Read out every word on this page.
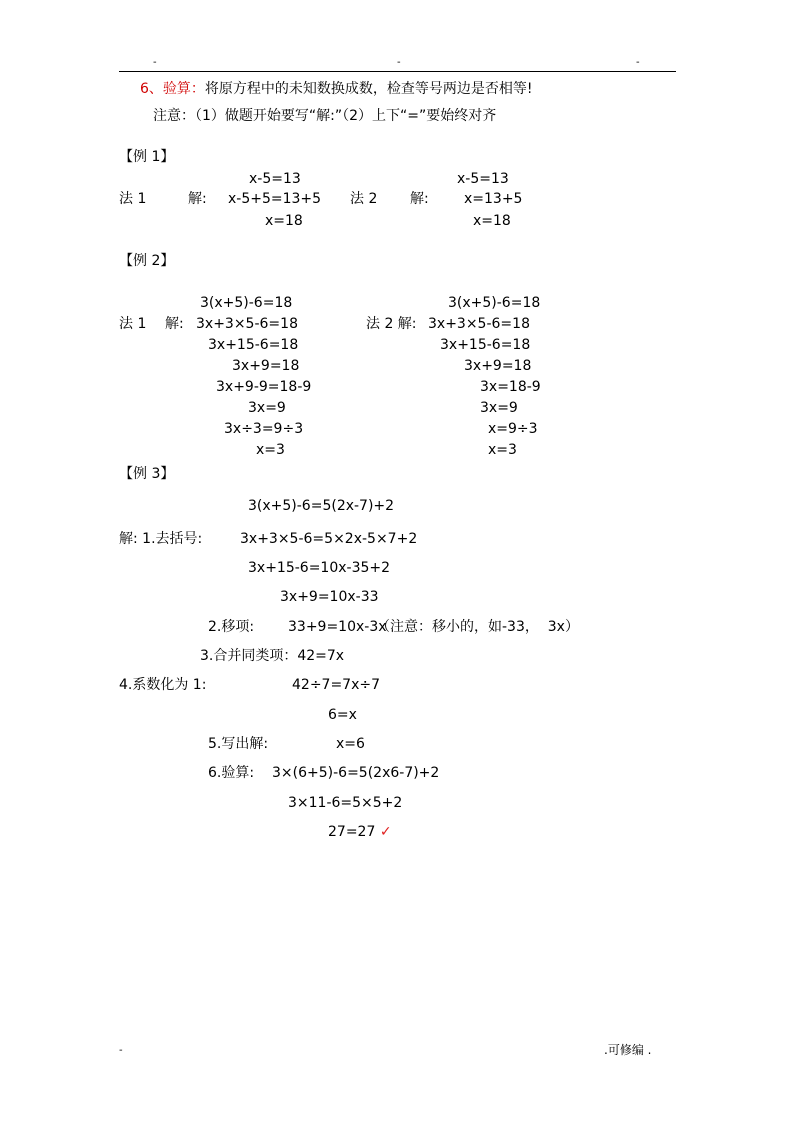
-	-	-
6、验算：将原方程中的未知数换成数，检查等号两边是否相等!
注意：（1）做题开始要写“解:”（2）上下“=”要始终对齐
【例 1】
x-5=13
法 1	解: x-5+5=13+5
x=18
x-5=13
法 2 解:	x=13+5
x=18
【例 2】
3(x+5)-6=18
法 1 解: 3x+3×5-6=18
3x+15-6=18
3x+9=18
3x+9-9=18-9
3x=9
3x÷3=9÷3
x=3
3(x+5)-6=18
法 2 解: 3x+3×5-6=18
3x+15-6=18
3x+9=18
3x=18-9
3x=9
x=9÷3
x=3
【例 3】
3(x+5)-6=5(2x-7)+2
解: 1.去括号:	3x+3×5-6=5×2x-5×7+2
3x+15-6=10x-35+2
3x+9=10x-33
2.移项: 33+9=10x-3x
（注意：移小的，如-33，  3x）
3.合并同类项：42=7x
4.系数化为 1:	42÷7=7x÷7
6=x
5.写出解:	x=6
6.验算: 3×(6+5)-6=5(2x6-7)+2
3×11-6=5×5+2
27=27 ✓
-	.可修编 .
